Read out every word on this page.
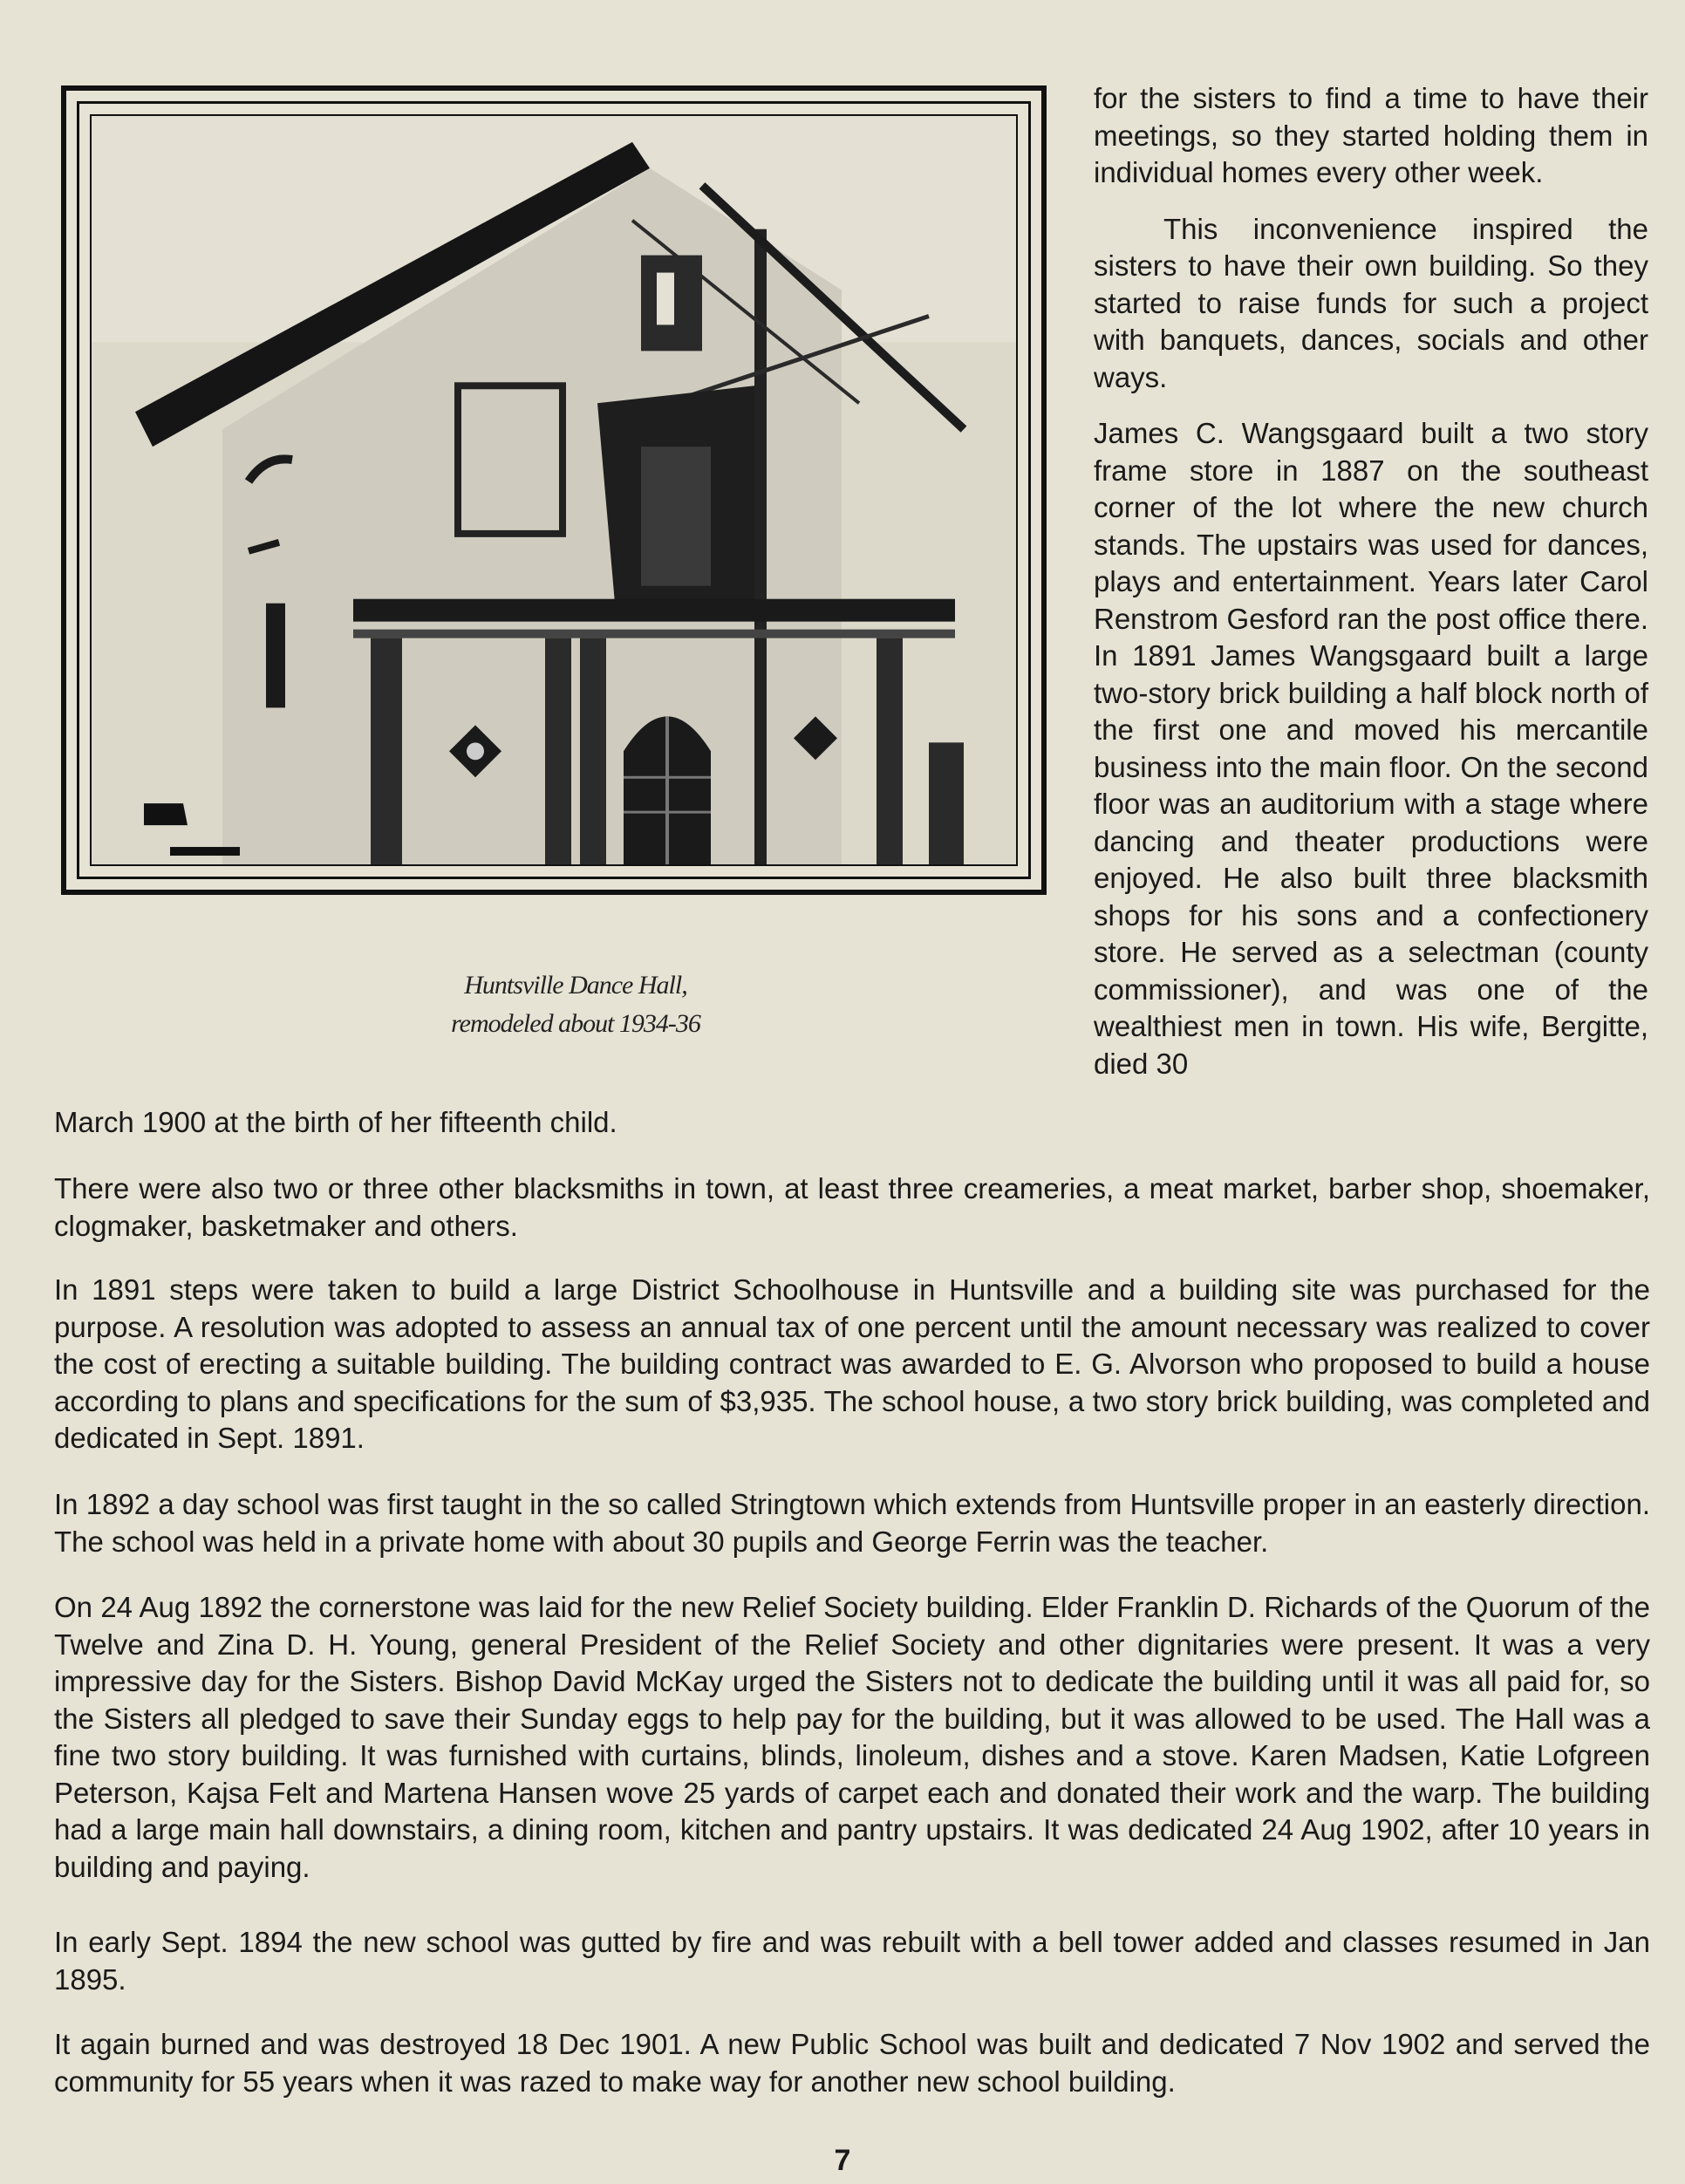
Huntsville Dance Hall,
remodeled about 1934-36

for the sisters to find a time to have their meetings, so they started holding them in individual homes every other week.

This inconvenience inspired the sisters to have their own building. So they started to raise funds for such a project with banquets, dances, socials and other ways.

James C. Wangsgaard built a two story frame store in 1887 on the southeast corner of the lot where the new church stands. The upstairs was used for dances, plays and entertainment. Years later Carol Renstrom Gesford ran the post office there. In 1891 James Wangsgaard built a large two-story brick building a half block north of the first one and moved his mercantile business into the main floor. On the second floor was an auditorium with a stage where dancing and theater productions were enjoyed. He also built three blacksmith shops for his sons and a confectionery store. He served as a selectman (county commissioner), and was one of the wealthiest men in town. His wife, Bergitte, died 30

March 1900 at the birth of her fifteenth child.

There were also two or three other blacksmiths in town, at least three creameries, a meat market, barber shop, shoemaker, clogmaker, basketmaker and others.

In 1891 steps were taken to build a large District Schoolhouse in Huntsville and a building site was purchased for the purpose. A resolution was adopted to assess an annual tax of one percent until the amount necessary was realized to cover the cost of erecting a suitable building. The building contract was awarded to E. G. Alvorson who proposed to build a house according to plans and specifications for the sum of $3,935. The school house, a two story brick building, was completed and dedicated in Sept. 1891.

In 1892 a day school was first taught in the so called Stringtown which extends from Huntsville proper in an easterly direction. The school was held in a private home with about 30 pupils and George Ferrin was the teacher.

On 24 Aug 1892 the cornerstone was laid for the new Relief Society building. Elder Franklin D. Richards of the Quorum of the Twelve and Zina D. H. Young, general President of the Relief Society and other dignitaries were present. It was a very impressive day for the Sisters. Bishop David McKay urged the Sisters not to dedicate the building until it was all paid for, so the Sisters all pledged to save their Sunday eggs to help pay for the building, but it was allowed to be used. The Hall was a fine two story building. It was furnished with curtains, blinds, linoleum, dishes and a stove. Karen Madsen, Katie Lofgreen Peterson, Kajsa Felt and Martena Hansen wove 25 yards of carpet each and donated their work and the warp. The building had a large main hall downstairs, a dining room, kitchen and pantry upstairs. It was dedicated 24 Aug 1902, after 10 years in building and paying.

In early Sept. 1894 the new school was gutted by fire and was rebuilt with a bell tower added and classes resumed in Jan 1895.

It again burned and was destroyed 18 Dec 1901. A new Public School was built and dedicated 7 Nov 1902 and served the community for 55 years when it was razed to make way for another new school building.

7
